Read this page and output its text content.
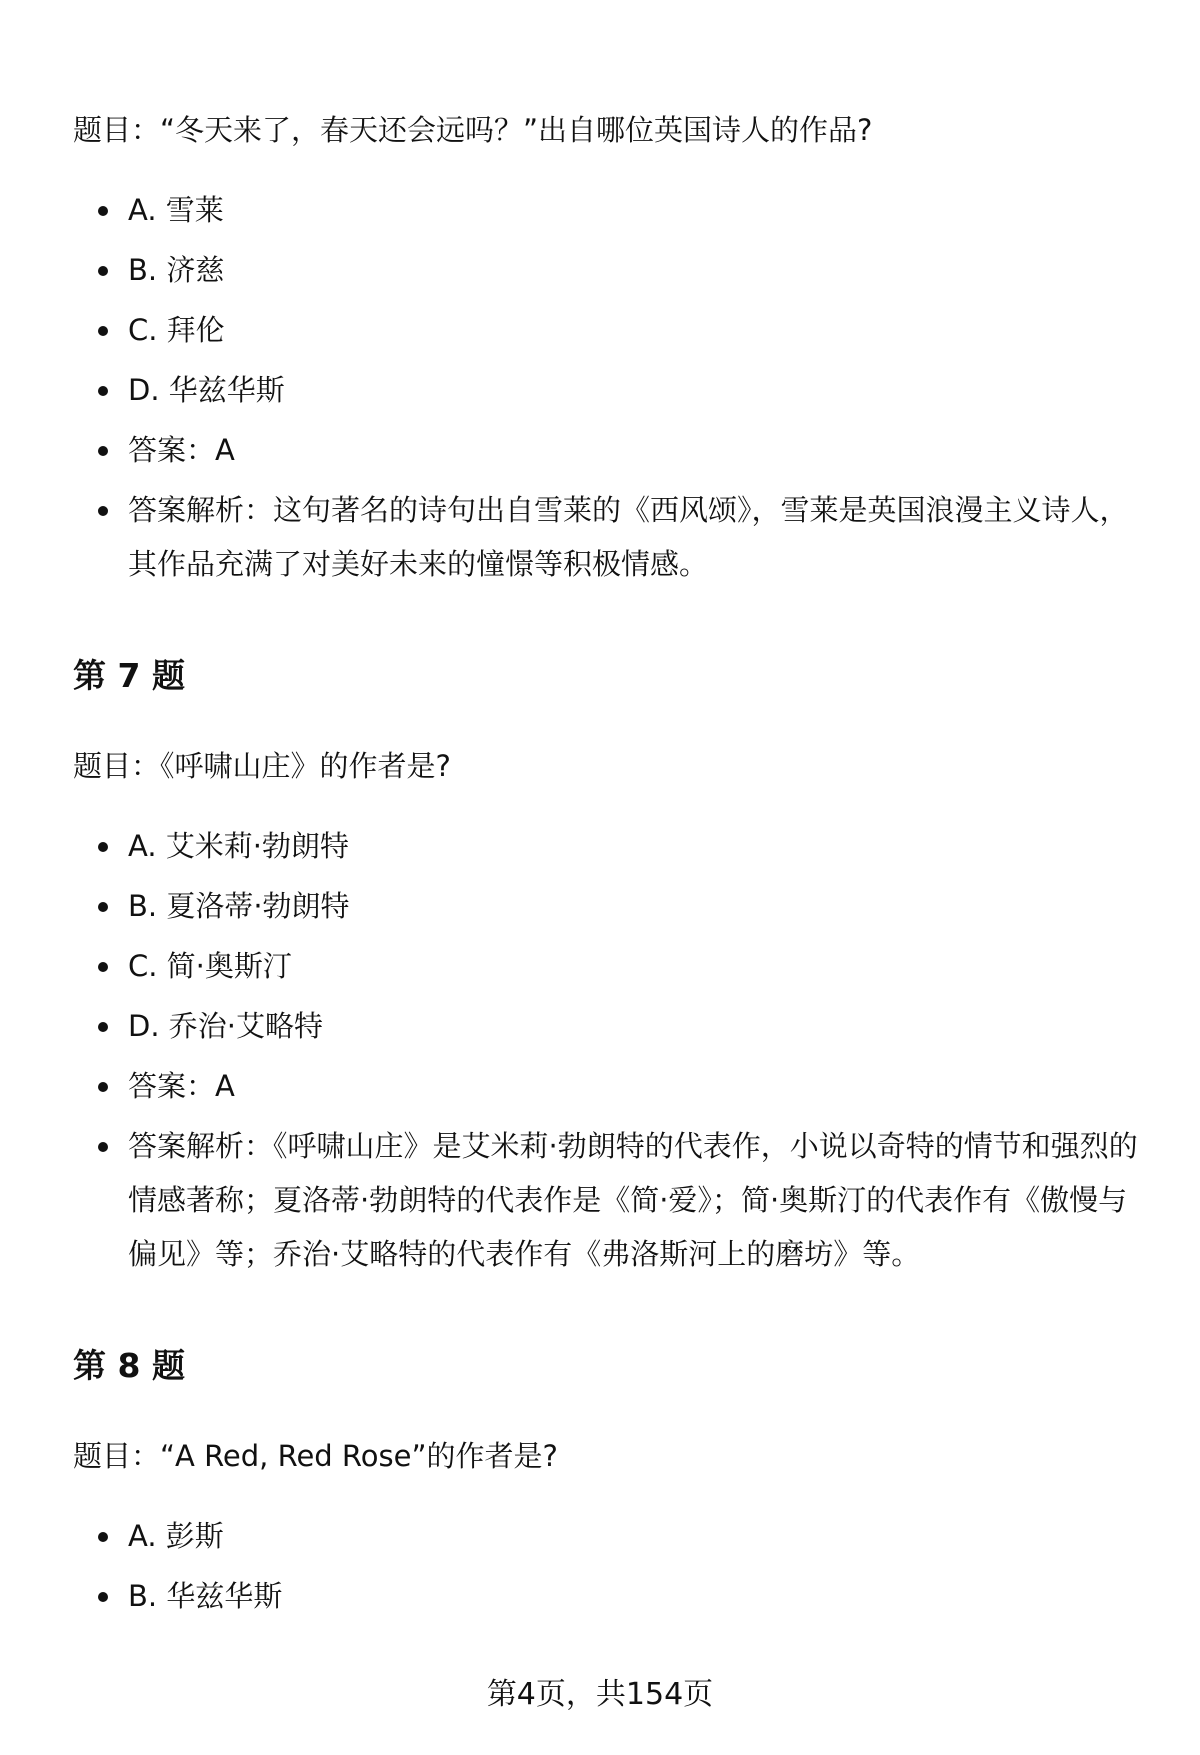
题目：“冬天来了，春天还会远吗？”出自哪位英国诗人的作品?

A. 雪莱
B. 济慈
C. 拜伦
D. 华兹华斯
答案：A
答案解析：这句著名的诗句出自雪莱的《西风颂》，雪莱是英国浪漫主义诗人，其作品充满了对美好未来的憧憬等积极情感。
第 7 题

题目：《呼啸山庄》的作者是?

A. 艾米莉·勃朗特
B. 夏洛蒂·勃朗特
C. 简·奥斯汀
D. 乔治·艾略特
答案：A
答案解析：《呼啸山庄》是艾米莉·勃朗特的代表作，小说以奇特的情节和强烈的情感著称；夏洛蒂·勃朗特的代表作是《简·爱》；简·奥斯汀的代表作有《傲慢与偏见》等；乔治·艾略特的代表作有《弗洛斯河上的磨坊》等。
第 8 题

题目：“A Red, Red Rose”的作者是?

A. 彭斯
B. 华兹华斯
第4页，共154页
